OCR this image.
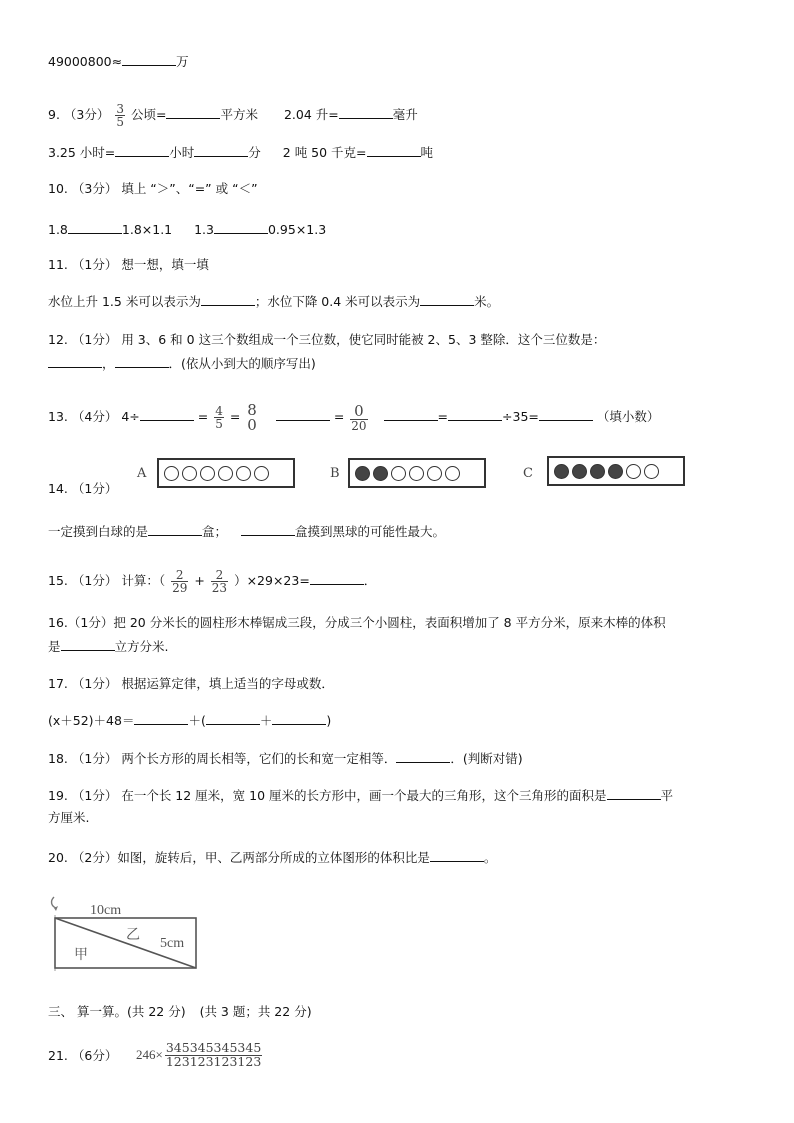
49000800≈	万
9. （3分） $\frac{3}{5}$ 公顷=	平方米 2.04 升=	毫升
3.25 小时=	小时	分 2 吨 50 千克=	吨
10. （3分） 填上 “＞”、“=” 或 “＜”
1.8	1.8×1.1 1.3	0.95×1.3
11. （1分） 想一想，填一填
水位上升 1.5 米可以表示为	；水位下降 0.4 米可以表示为	米。
12. （1分） 用 3、6 和 0 这三个数组成一个三位数，使它同时能被 2、5、3 整除．这个三位数是：
，	．(依从小到大的顺序写出)
13. （4分） 4÷	= $\frac{4}{5} = 8$
0	= $\frac{0}{20}$	=	÷35=	（填小数）
14. （1分）
A	B	C
一定摸到白球的是	盒；	盒摸到黑球的可能性最大。
15. （1分） 计算：（ $\frac{2}{29} + \frac{2}{23} )\times 29\times 23=$	．
16.（1分）把 20 分米长的圆柱形木棒锯成三段，分成三个小圆柱，表面积增加了 8 平方分米，原来木棒的体积
是	立方分米.
17. （1分） 根据运算定律，填上适当的字母或数．
(x＋52)＋48＝	＋(	＋	)
18. （1分） 两个长方形的周长相等，它们的长和宽一定相等．	．(判断对错)
19. （1分） 在一个长 12 厘米，宽 10 厘米的长方形中，画一个最大的三角形，这个三角形的面积是	平
方厘米.
20. （2分）如图，旋转后，甲、乙两部分所成的立体图形的体积比是	。
10cm
5cm
甲
乙
三、 算一算。(共 22 分) (共 3 题；共 22 分)
21. （6分） $246\times \frac{345345345345}{123123123123}$
